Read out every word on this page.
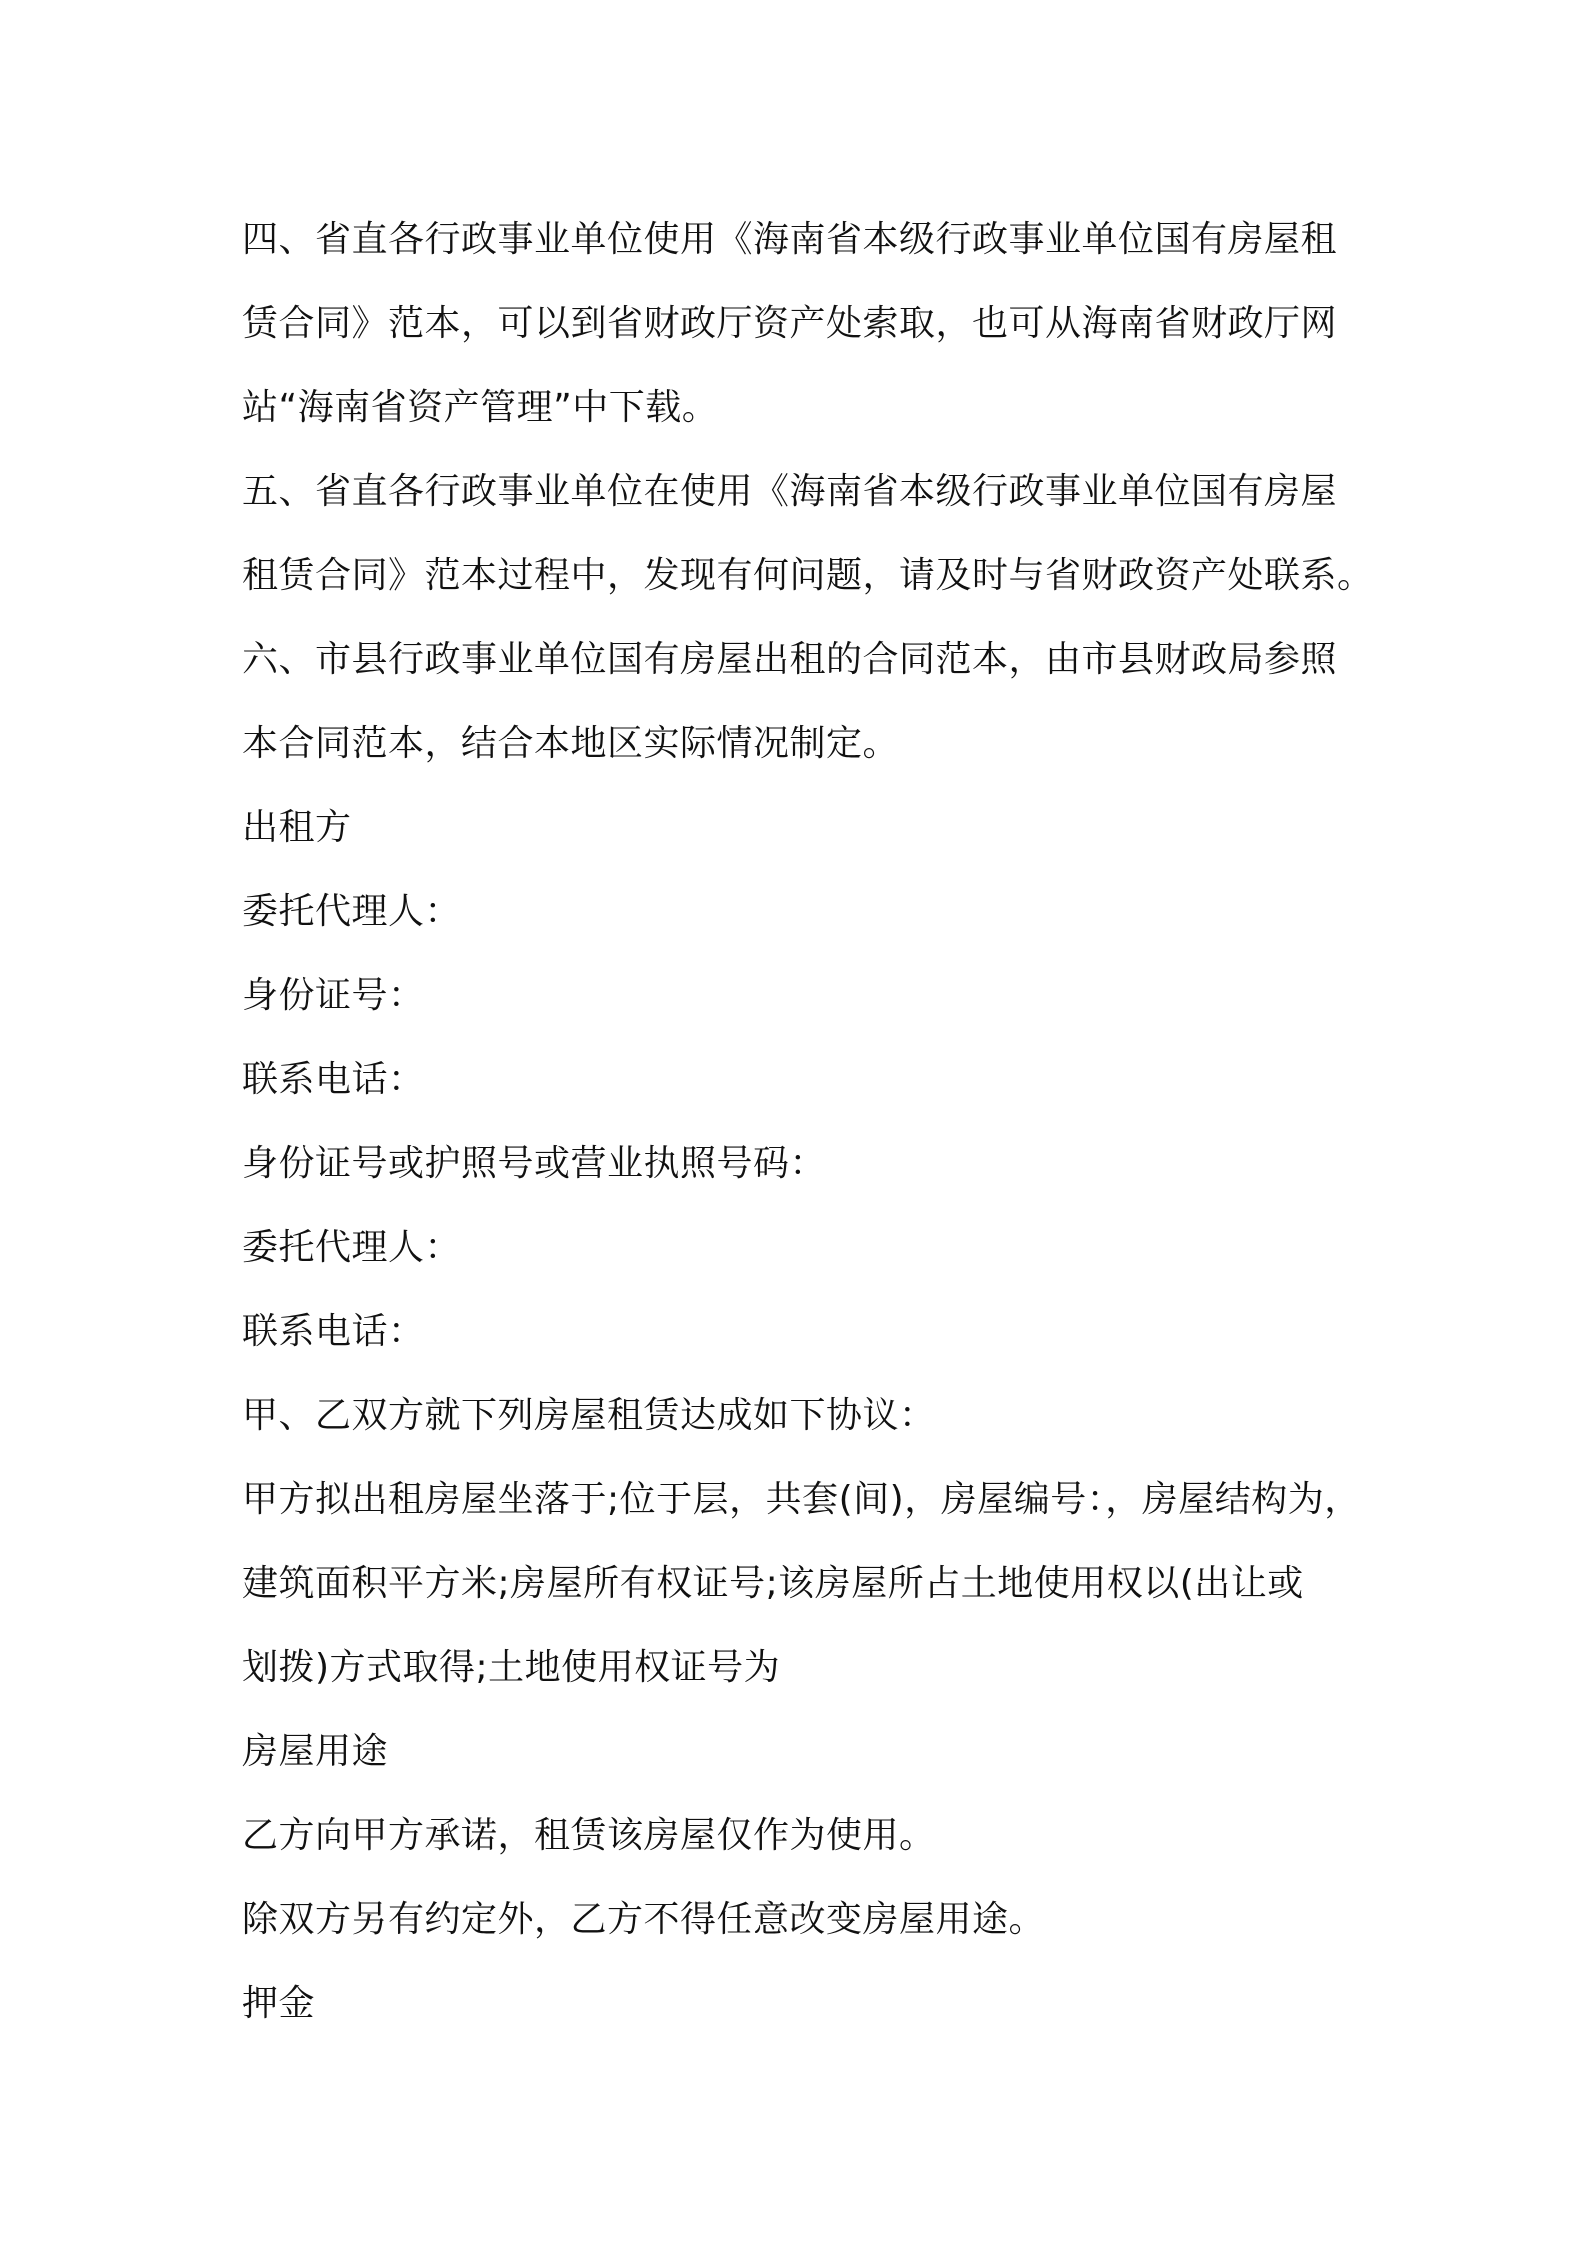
四、省直各行政事业单位使用《海南省本级行政事业单位国有房屋租
赁合同》范本，可以到省财政厅资产处索取，也可从海南省财政厅网
站“海南省资产管理”中下载。
五、省直各行政事业单位在使用《海南省本级行政事业单位国有房屋
租赁合同》范本过程中，发现有何问题，请及时与省财政资产处联系。
六、市县行政事业单位国有房屋出租的合同范本，由市县财政局参照
本合同范本，结合本地区实际情况制定。
出租方
委托代理人：
身份证号：
联系电话：
身份证号或护照号或营业执照号码：
委托代理人：
联系电话：
甲、乙双方就下列房屋租赁达成如下协议：
甲方拟出租房屋坐落于;位于层，共套(间)，房屋编号：，房屋结构为，
建筑面积平方米;房屋所有权证号;该房屋所占土地使用权以(出让或
划拨)方式取得;土地使用权证号为
房屋用途
乙方向甲方承诺，租赁该房屋仅作为使用。
除双方另有约定外，乙方不得任意改变房屋用途。
押金
